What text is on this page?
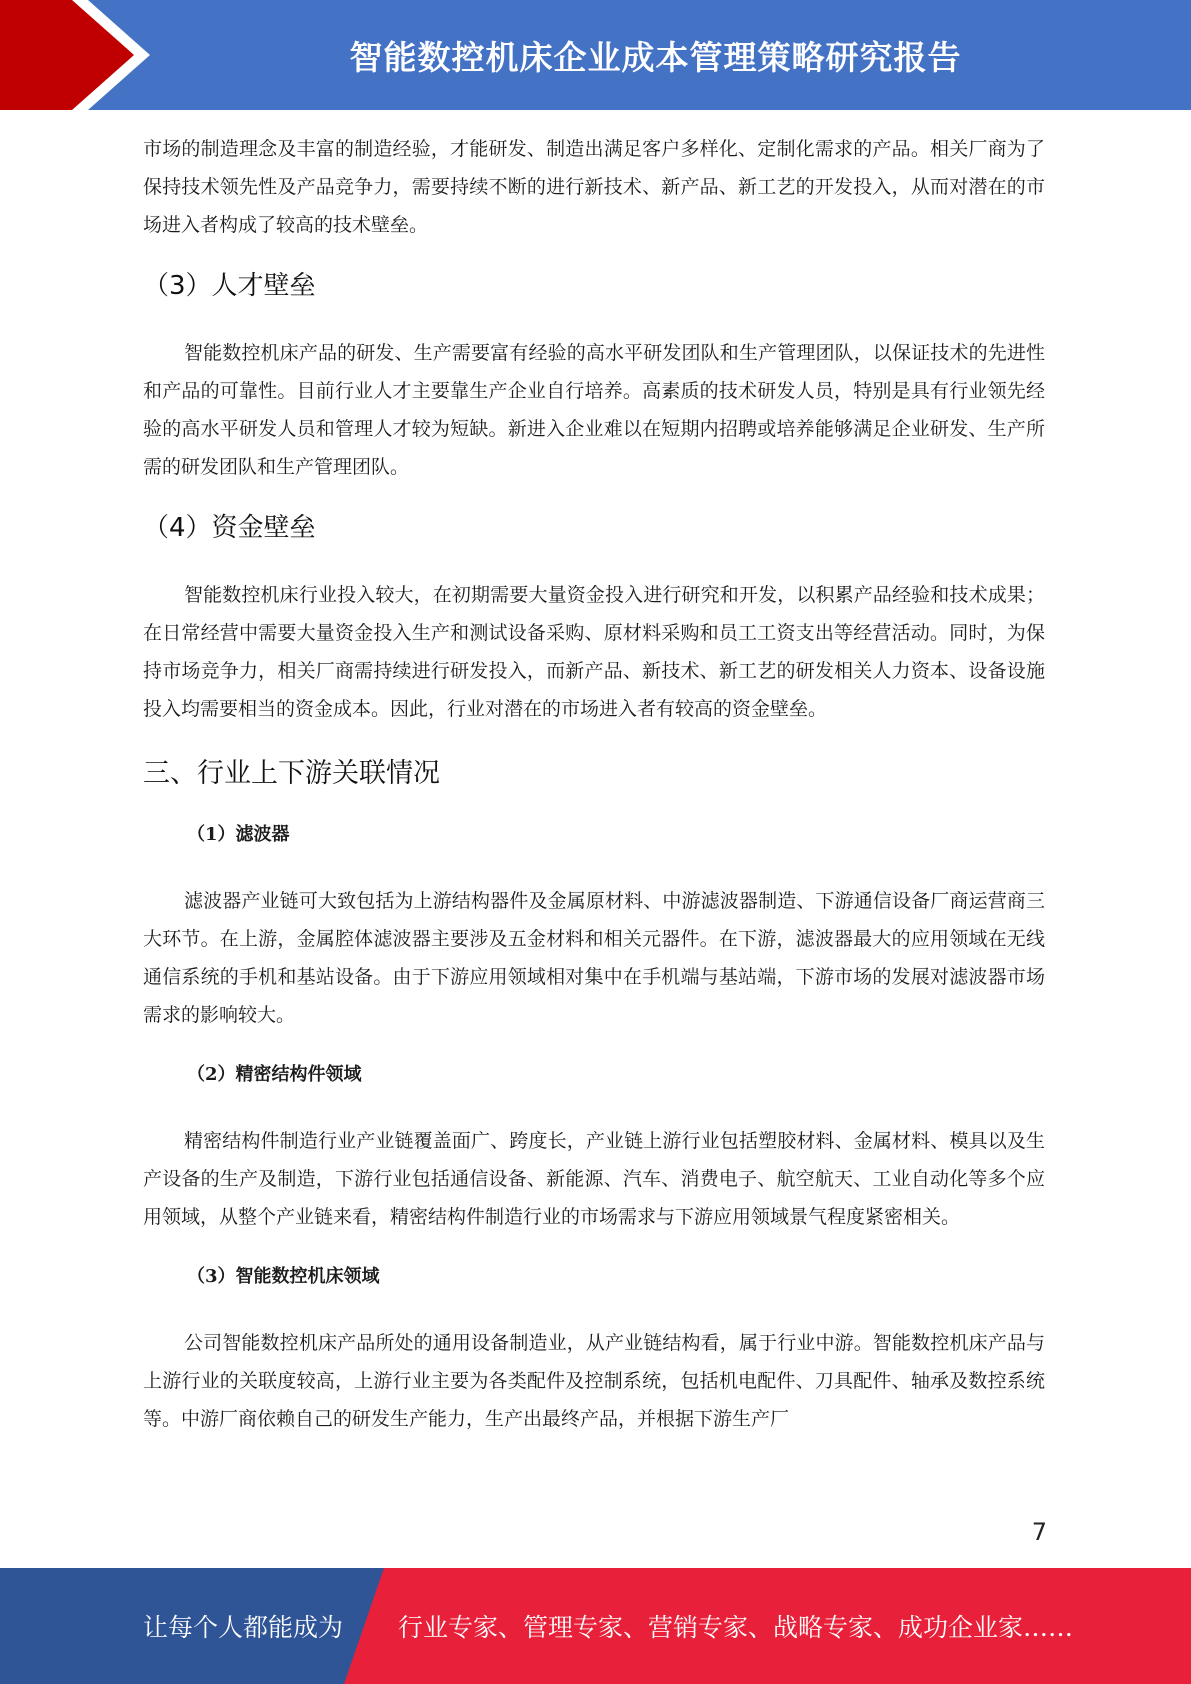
智能数控机床企业成本管理策略研究报告

市场的制造理念及丰富的制造经验，才能研发、制造出满足客户多样化、定制化需求的产品。相关厂商为了保持技术领先性及产品竞争力，需要持续不断的进行新技术、新产品、新工艺的开发投入，从而对潜在的市场进入者构成了较高的技术壁垒。

（3）人才壁垒

智能数控机床产品的研发、生产需要富有经验的高水平研发团队和生产管理团队，以保证技术的先进性和产品的可靠性。目前行业人才主要靠生产企业自行培养。高素质的技术研发人员，特别是具有行业领先经验的高水平研发人员和管理人才较为短缺。新进入企业难以在短期内招聘或培养能够满足企业研发、生产所需的研发团队和生产管理团队。

（4）资金壁垒

智能数控机床行业投入较大，在初期需要大量资金投入进行研究和开发，以积累产品经验和技术成果；在日常经营中需要大量资金投入生产和测试设备采购、原材料采购和员工工资支出等经营活动。同时，为保持市场竞争力，相关厂商需持续进行研发投入，而新产品、新技术、新工艺的研发相关人力资本、设备设施投入均需要相当的资金成本。因此，行业对潜在的市场进入者有较高的资金壁垒。

三、行业上下游关联情况
（1）滤波器

滤波器产业链可大致包括为上游结构器件及金属原材料、中游滤波器制造、下游通信设备厂商运营商三大环节。在上游，金属腔体滤波器主要涉及五金材料和相关元器件。在下游，滤波器最大的应用领域在无线通信系统的手机和基站设备。由于下游应用领域相对集中在手机端与基站端，下游市场的发展对滤波器市场需求的影响较大。

（2）精密结构件领域

精密结构件制造行业产业链覆盖面广、跨度长，产业链上游行业包括塑胶材料、金属材料、模具以及生产设备的生产及制造，下游行业包括通信设备、新能源、汽车、消费电子、航空航天、工业自动化等多个应用领域，从整个产业链来看，精密结构件制造行业的市场需求与下游应用领域景气程度紧密相关。

（3）智能数控机床领域

公司智能数控机床产品所处的通用设备制造业，从产业链结构看，属于行业中游。智能数控机床产品与上游行业的关联度较高，上游行业主要为各类配件及控制系统，包括机电配件、刀具配件、轴承及数控系统等。中游厂商依赖自己的研发生产能力，生产出最终产品，并根据下游生产厂

7
让每个人都能成为 行业专家、管理专家、营销专家、战略专家、成功企业家……
